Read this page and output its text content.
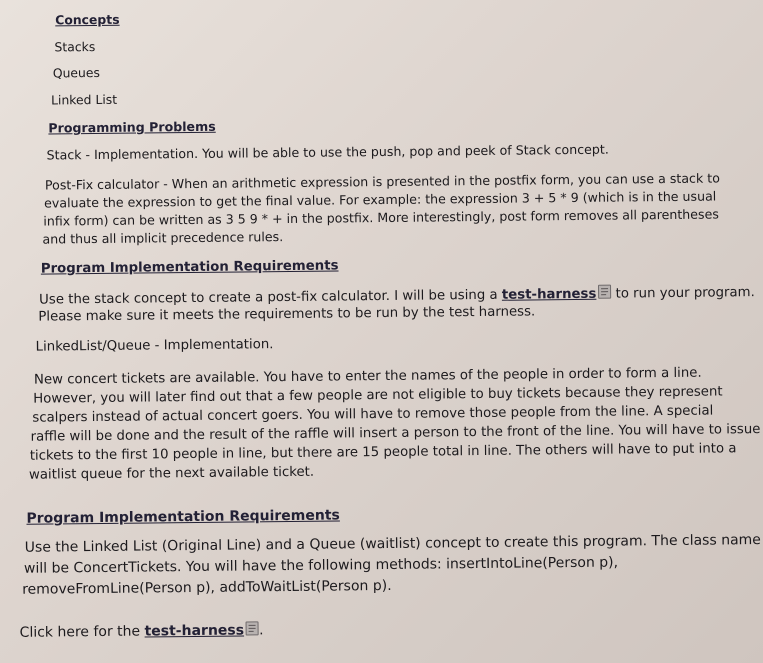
Concepts
Stacks
Queues
Linked List
Programming Problems
Stack - Implementation. You will be able to use the push, pop and peek of Stack concept.
Post-Fix calculator - When an arithmetic expression is presented in the postfix form, you can use a stack to
evaluate the expression to get the final value. For example: the expression 3 + 5 * 9 (which is in the usual
infix form) can be written as 3 5 9 * + in the postfix. More interestingly, post form removes all parentheses
and thus all implicit precedence rules.
Program Implementation Requirements
Use the stack concept to create a post-fix calculator. I will be using a test-harness
to run your program.
Please make sure it meets the requirements to be run by the test harness.
LinkedList/Queue - Implementation.
New concert tickets are available. You have to enter the names of the people in order to form a line.
However, you will later find out that a few people are not eligible to buy tickets because they represent
scalpers instead of actual concert goers. You will have to remove those people from the line. A special
raffle will be done and the result of the raffle will insert a person to the front of the line. You will have to issue
tickets to the first 10 people in line, but there are 15 people total in line. The others will have to put into a
waitlist queue for the next available ticket.
Program Implementation Requirements
Use the Linked List (Original Line) and a Queue (waitlist) concept to create this program. The class name
will be ConcertTickets. You will have the following methods: insertIntoLine(Person p),
removeFromLine(Person p), addToWaitList(Person p).
Click here for the test-harness .
